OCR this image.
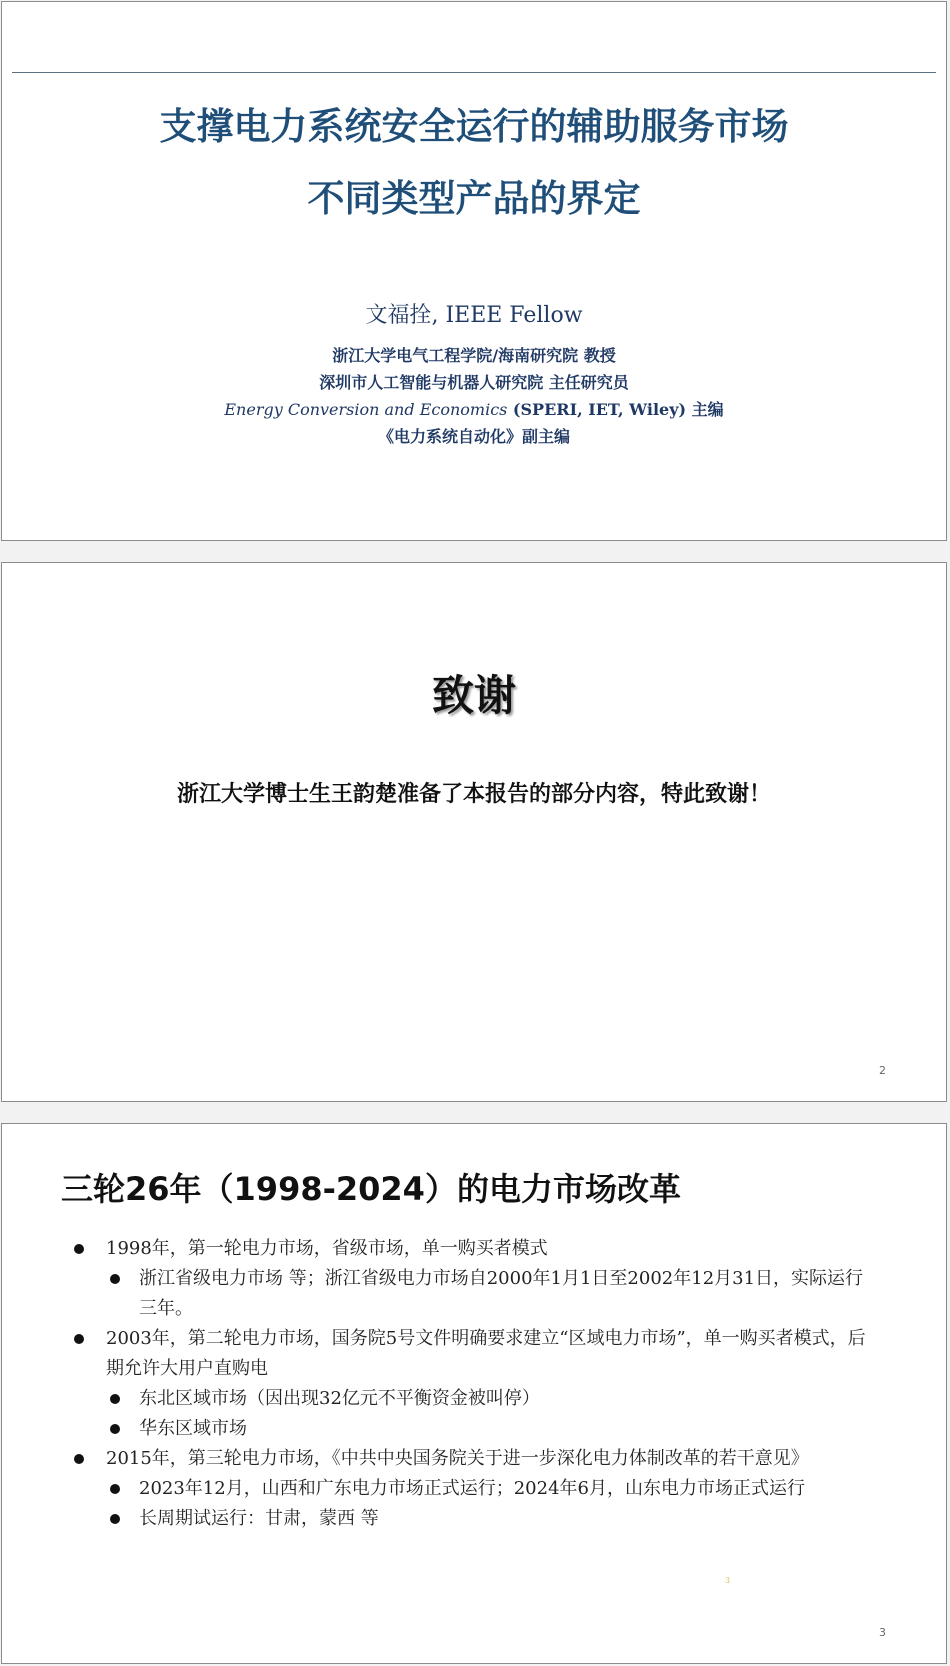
支撑电力系统安全运行的辅助服务市场
不同类型产品的界定
文福拴, IEEE Fellow
浙江大学电气工程学院/海南研究院 教授
深圳市人工智能与机器人研究院 主任研究员
Energy Conversion and Economics (SPERI, IET, Wiley) 主编
《电力系统自动化》副主编
致谢
浙江大学博士生王韵楚准备了本报告的部分内容，特此致谢！
2
三轮26年（1998-2024）的电力市场改革
1998年，第一轮电力市场，省级市场，单一购买者模式
浙江省级电力市场 等；浙江省级电力市场自2000年1月1日至2002年12月31日，实际运行三年。
2003年，第二轮电力市场，国务院5号文件明确要求建立“区域电力市场”，单一购买者模式，后期允许大用户直购电
东北区域市场（因出现32亿元不平衡资金被叫停）
华东区域市场
2015年，第三轮电力市场，《中共中央国务院关于进一步深化电力体制改革的若干意见》
2023年12月，山西和广东电力市场正式运行；2024年6月，山东电力市场正式运行
长周期试运行：甘肃，蒙西 等
3
3
